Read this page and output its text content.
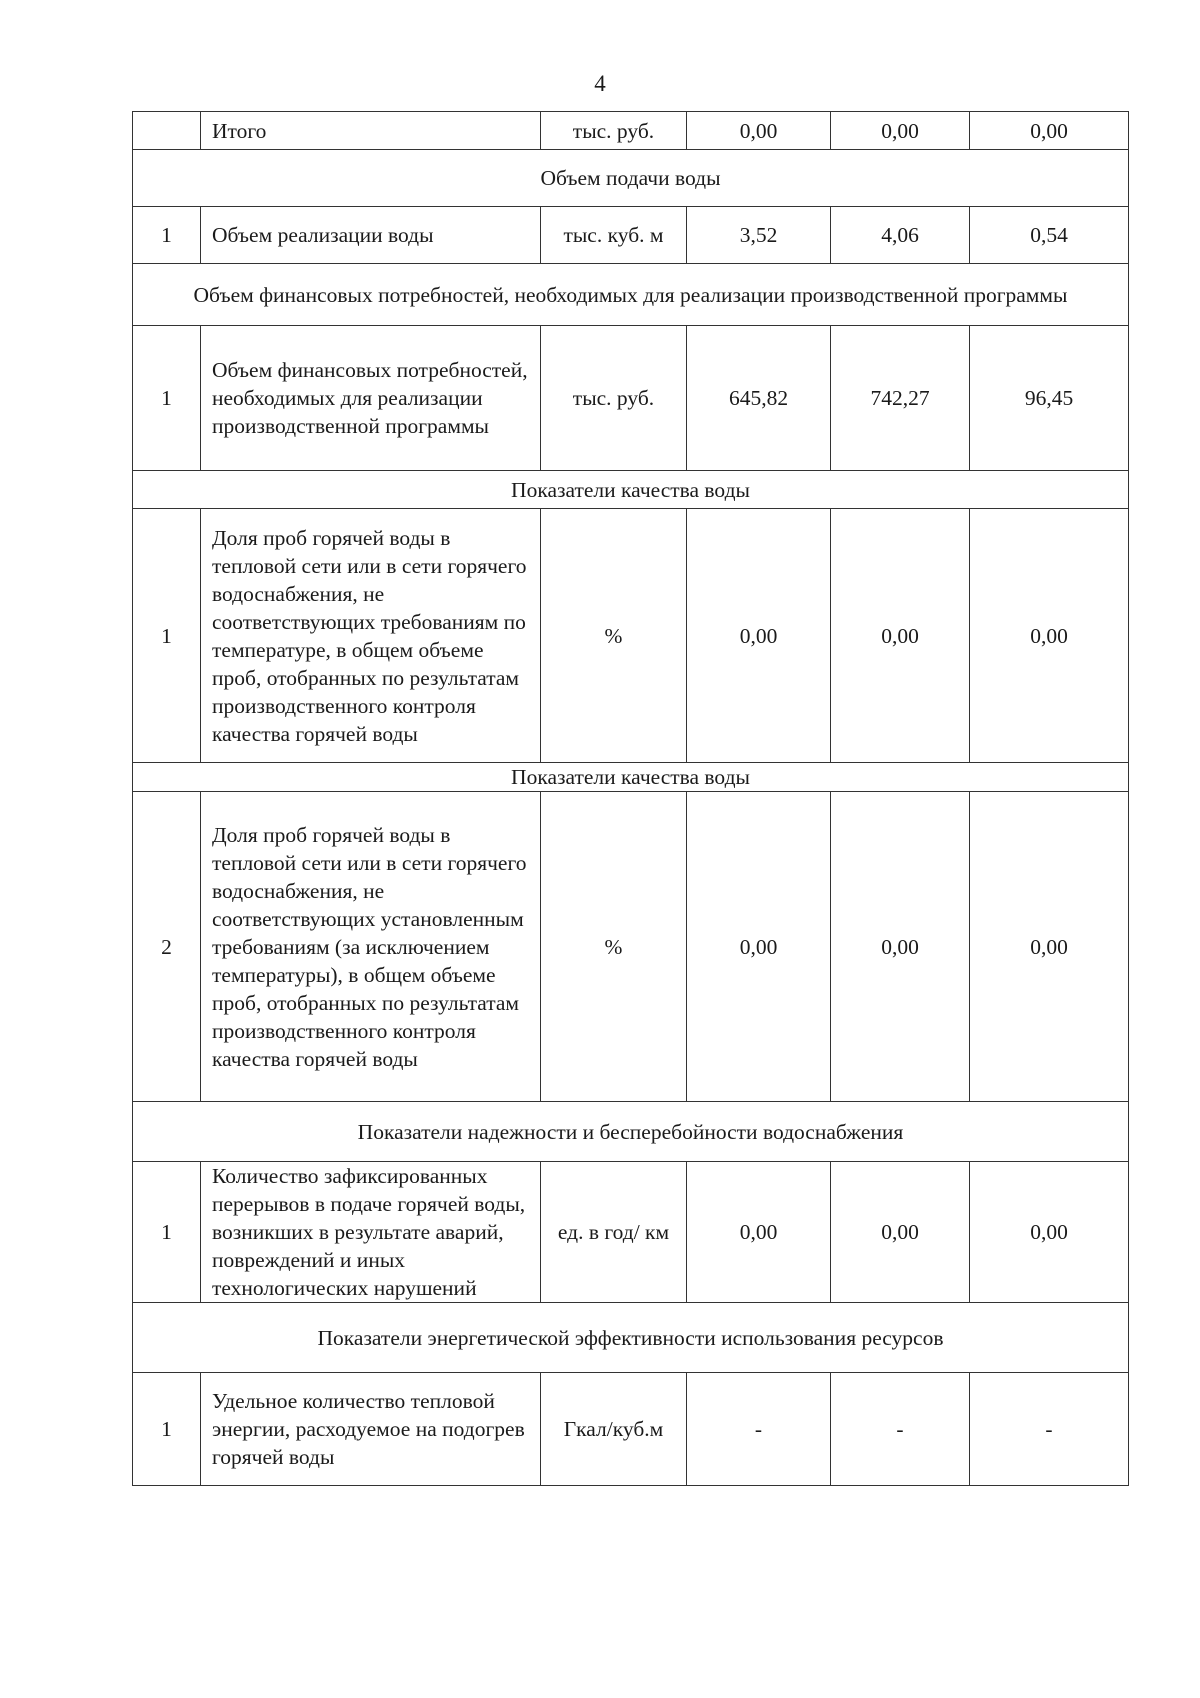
4
	Итого	тыс. руб.	0,00	0,00	0,00
Объем подачи воды					
1	Объем реализации воды	тыс. куб. м	3,52	4,06	0,54
Объем финансовых потребностей, необходимых для реализации производственной программы					
1	Объем финансовых потребностей, необходимых для реализации производственной программы	тыс. руб.	645,82	742,27	96,45
Показатели качества воды					
1	Доля проб горячей воды в тепловой сети или в сети горячего водоснабжения, не соответствующих требованиям по температуре, в общем объеме проб, отобранных по результатам производственного контроля качества горячей воды	%	0,00	0,00	0,00
Показатели качества воды					
2	Доля проб горячей воды в тепловой сети или в сети горячего водоснабжения, не соответствующих установленным требованиям (за исключением температуры), в общем объеме проб, отобранных по результатам производственного контроля качества горячей воды	%	0,00	0,00	0,00
Показатели надежности и бесперебойности водоснабжения					
1	Количество зафиксированных перерывов в подаче горячей воды, возникших в результате аварий, повреждений и иных технологических нарушений	ед. в год/ км	0,00	0,00	0,00
Показатели энергетической эффективности использования ресурсов					
1	Удельное количество тепловой энергии, расходуемое на подогрев горячей воды	Гкал/куб.м	-	-	-
